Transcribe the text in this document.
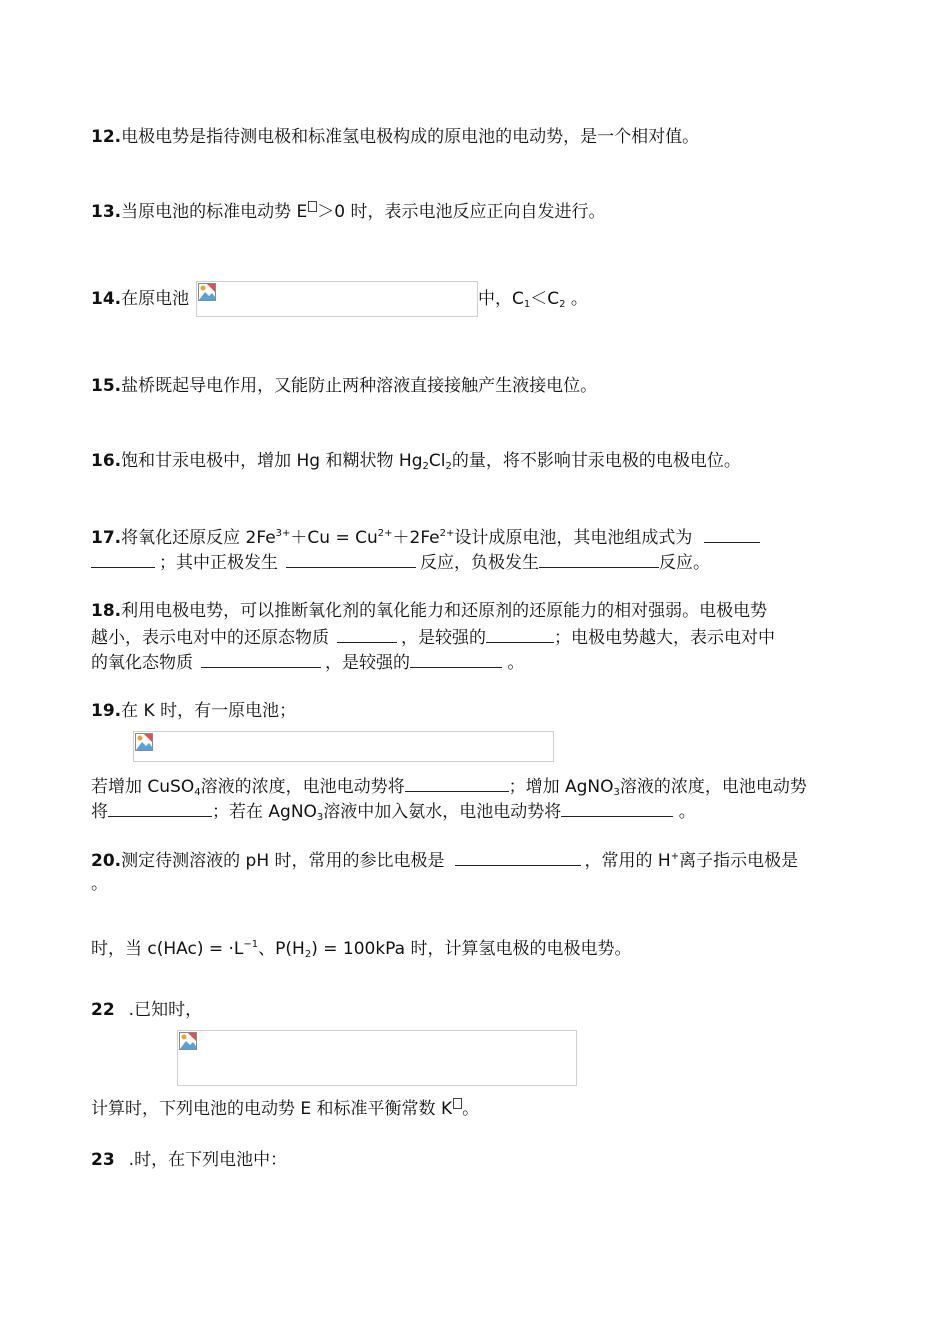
12.电极电势是指待测电极和标准氢电极构成的原电池的电动势，是一个相对值。
13.当原电池的标准电动势 E ＞0 时，表示电池反应正向自发进行。
14.在原电池	中，$C_1<C_2$ 。
15.盐桥既起导电作用，又能防止两种溶液直接接触产生液接电位。
16.饱和甘汞电极中，增加 Hg 和糊状物 $Hg_2Cl_2$的量，将不影响甘汞电极的电极电位。
17.将氧化还原反应 $2Fe^{3+}+Cu = Cu^{2+}+2Fe^{2+}$设计成原电池，其电池组成式为
；其中正极发生	反应，负极发生	反应。
18.利用电极电势，可以推断氧化剂的氧化能力和还原剂的还原能力的相对强弱。电极电势
越小，表示电对中的还原态物质	，是较强的	；电极电势越大，表示电对中
的氧化态物质	，是较强的	。
19.在 K 时，有一原电池；
若增加 CuSO$_4$溶液的浓度，电池电动势将	；增加 AgNO$_3$溶液的浓度，电池电动势
将	；若在 AgNO$_3$溶液中加入氨水，电池电动势将	。
20.测定待测溶液的 pH 时，常用的参比电极是	，常用的 H+离子指示电极是
。
时，当 $c(HAc) = \cdot L^{-1}$、$P(H_2) = 100kPa$ 时，计算氢电极的电极电势。
22 .已知时，
计算时，下列电池的电动势 E 和标准平衡常数 K 。
23 .时，在下列电池中：
